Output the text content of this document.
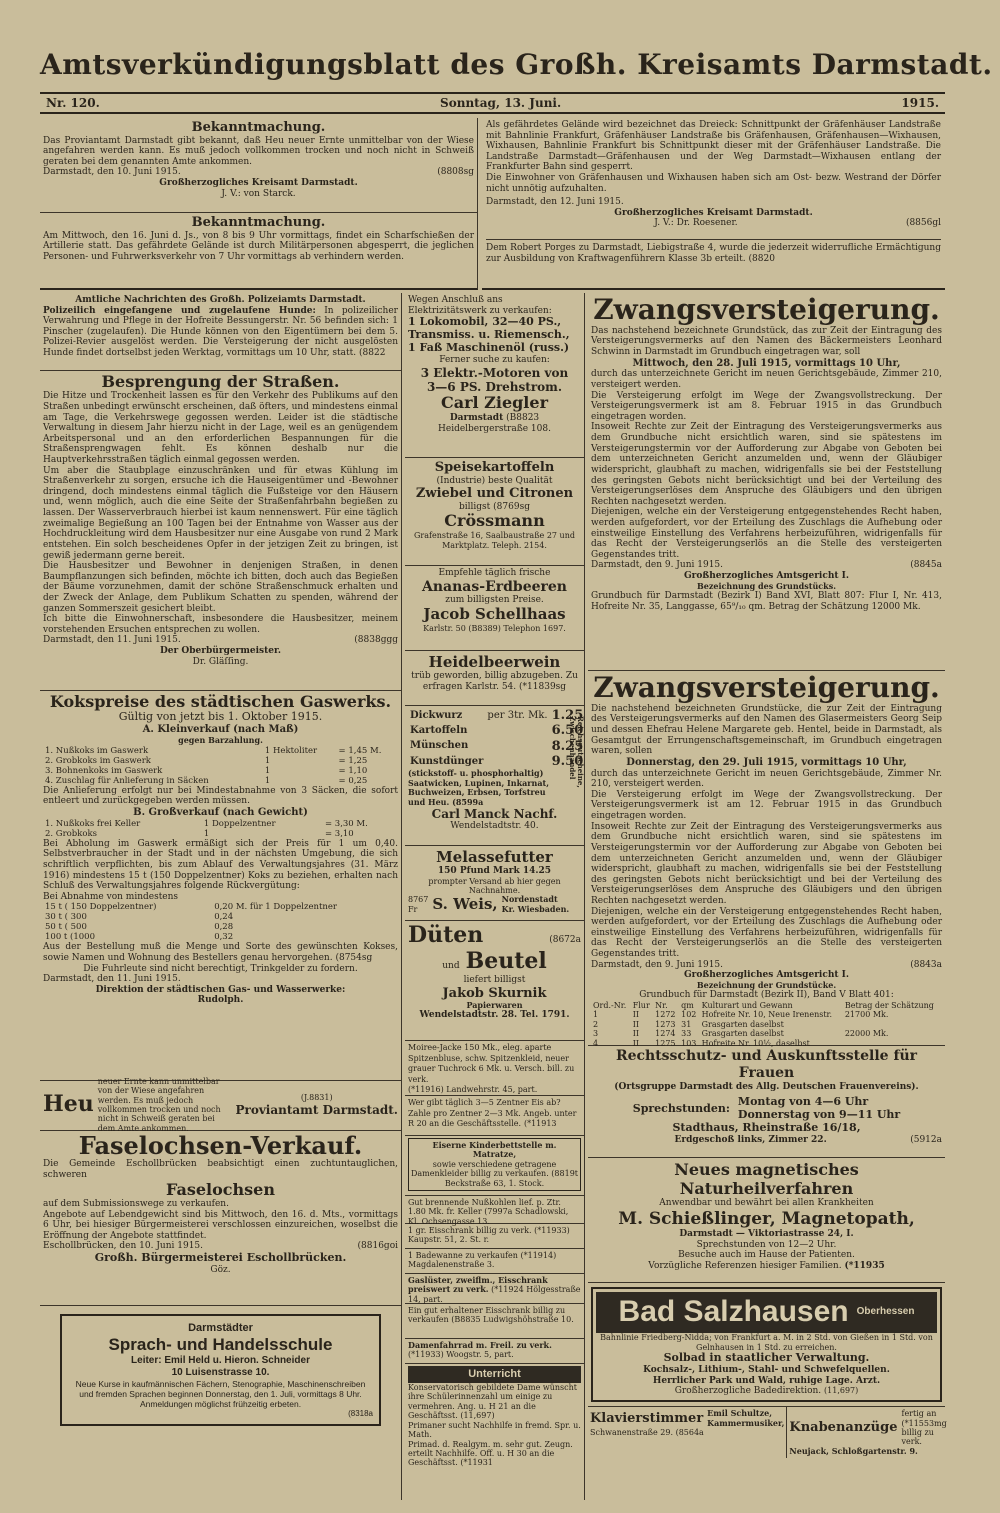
Amtsverkündigungsblatt des Großh. Kreisamts Darmstadt.
Nr. 120.	Sonntag, 13. Juni.	1915.
Bekanntmachung.
Das Proviantamt Darmstadt gibt bekannt, daß Heu neuer Ernte unmittelbar von der Wiese angefahren werden kann. Es muß jedoch vollkommen trocken und noch nicht in Schweiß geraten bei dem genannten Amte ankommen.
Darmstadt, den 10. Juni 1915.	(8808sg
Großherzogliches Kreisamt Darmstadt.
J. V.: von Starck.
Bekanntmachung.
Am Mittwoch, den 16. Juni d. Js., von 8 bis 9 Uhr vormittags, findet ein Scharfschießen der Artillerie statt. Das gefährdete Gelände ist durch Militärpersonen abgesperrt, die jeglichen Personen- und Fuhrwerksverkehr von 7 Uhr vormittags ab verhindern werden.
Als gefährdetes Gelände wird bezeichnet das Dreieck: Schnittpunkt der Gräfenhäuser Landstraße mit Bahnlinie Frankfurt, Gräfenhäuser Landstraße bis Gräfenhausen, Gräfenhausen—Wixhausen, Wixhausen, Bahnlinie Frankfurt bis Schnittpunkt dieser mit der Gräfenhäuser Landstraße. Die Landstraße Darmstadt—Gräfenhausen und der Weg Darmstadt—Wixhausen entlang der Frankfurter Bahn sind gesperrt.
Die Einwohner von Gräfenhausen und Wixhausen haben sich am Ost- bezw. Westrand der Dörfer nicht unnötig aufzuhalten.
Darmstadt, den 12. Juni 1915.
Großherzogliches Kreisamt Darmstadt.
J. V.: Dr. Roesener.	(8856gl
Dem Robert Porges zu Darmstadt, Liebigstraße 4, wurde die jederzeit widerrufliche Ermächtigung zur Ausbildung von Kraftwagenführern Klasse 3b erteilt. (8820
Amtliche Nachrichten des Großh. Polizeiamts Darmstadt.
Polizeilich eingefangene und zugelaufene Hunde: In polizeilicher Verwahrung und Pflege in der Hofreite Bessungerstr. Nr. 56 befinden sich: 1 Pinscher (zugelaufen). Die Hunde können von den Eigentümern bei dem 5. Polizei-Revier ausgelöst werden. Die Versteigerung der nicht ausgelösten Hunde findet dortselbst jeden Werktag, vormittags um 10 Uhr, statt. (8822
Besprengung der Straßen.
Die Hitze und Trockenheit lassen es für den Verkehr des Publikums auf den Straßen unbedingt erwünscht erscheinen, daß öfters, und mindestens einmal am Tage, die Verkehrswege gegossen werden. Leider ist die städtische Verwaltung in diesem Jahr hierzu nicht in der Lage, weil es an genügendem Arbeitspersonal und an den erforderlichen Bespannungen für die Straßensprengwagen fehlt. Es können deshalb nur die Hauptverkehrsstraßen täglich einmal gegossen werden.
Um aber die Staubplage einzuschränken und für etwas Kühlung im Straßenverkehr zu sorgen, ersuche ich die Hauseigentümer und -Bewohner dringend, doch mindestens einmal täglich die Fußsteige vor den Häusern und, wenn möglich, auch die eine Seite der Straßenfahrbahn begießen zu lassen. Der Wasserverbrauch hierbei ist kaum nennenswert. Für eine täglich zweimalige Begießung an 100 Tagen bei der Entnahme von Wasser aus der Hochdruckleitung wird dem Hausbesitzer nur eine Ausgabe von rund 2 Mark entstehen. Ein solch bescheidenes Opfer in der jetzigen Zeit zu bringen, ist gewiß jedermann gerne bereit.
Die Hausbesitzer und Bewohner in denjenigen Straßen, in denen Baumpflanzungen sich befinden, möchte ich bitten, doch auch das Begießen der Bäume vorzunehmen, damit der schöne Straßenschmuck erhalten und der Zweck der Anlage, dem Publikum Schatten zu spenden, während der ganzen Sommerszeit gesichert bleibt.
Ich bitte die Einwohnerschaft, insbesondere die Hausbesitzer, meinem vorstehenden Ersuchen entsprechen zu wollen.
Darmstadt, den 11. Juni 1915.	(8838ggg
Der Oberbürgermeister.
Dr. Gläſſing.
Kokspreise des städtischen Gaswerks.
Gültig von jetzt bis 1. Oktober 1915.
A. Kleinverkauf (nach Maß)
gegen Barzahlung.
1. Nußkoks im Gaswerk	1 Hektoliter	= 1,45 M.
2. Grobkoks im Gaswerk	1	= 1,25
3. Bohnenkoks im Gaswerk	1	= 1,10
4. Zuschlag für Anlieferung in Säcken	1	= 0,25
Die Anlieferung erfolgt nur bei Mindestabnahme von 3 Säcken, die sofort entleert und zurückgegeben werden müssen.
B. Großverkauf (nach Gewicht)
1. Nußkoks frei Keller	1 Doppelzentner	= 3,30 M.
2. Grobkoks	1	= 3,10
Bei Abholung im Gaswerk ermäßigt sich der Preis für 1 um 0,40. Selbstverbraucher in der Stadt und in der nächsten Umgebung, die sich schriftlich verpflichten, bis zum Ablauf des Verwaltungsjahres (31. März 1916) mindestens 15 t (150 Doppelzentner) Koks zu beziehen, erhalten nach Schluß des Verwaltungsjahres folgende Rückvergütung:
Bei Abnahme von mindestens
15 t ( 150 Doppelzentner)	0,20 M. für 1 Doppelzentner
30 t ( 300	0,24
50 t ( 500	0,28
100 t (1000	0,32
Aus der Bestellung muß die Menge und Sorte des gewünschten Kokses, sowie Namen und Wohnung des Bestellers genau hervorgehen. (8754sg
Die Fuhrleute sind nicht berechtigt, Trinkgelder zu fordern.
Darmstadt, den 11. Juni 1915.
Direktion der städtischen Gas- und Wasserwerke:
Rudolph.
Heu
neuer Ernte kann unmittelbar von der Wiese angefahren werden. Es muß jedoch vollkommen trocken und noch nicht in Schweiß geraten bei dem Amte ankommen.
(J.8831)
Proviantamt Darmstadt.
Faselochsen-Verkauf.
Die Gemeinde Eschollbrücken beabsichtigt einen zuchtuntauglichen, schweren
Faselochsen
auf dem Submissionswege zu verkaufen.
Angebote auf Lebendgewicht sind bis Mittwoch, den 16. d. Mts., vormittags 6 Uhr, bei hiesiger Bürgermeisterei verschlossen einzureichen, woselbst die Eröffnung der Angebote stattfindet.
Eschollbrücken, den 10. Juni 1915.	(8816goi
Großh. Bürgermeisterei Eschollbrücken.
Göz.
Darmstädter
Sprach- und Handelsschule
Leiter: Emil Held u. Hieron. Schneider
10 Luisenstrasse 10.
Neue Kurse in kaufmännischen Fächern, Stenographie, Maschinenschreiben und fremden Sprachen beginnen Donnerstag, den 1. Juli, vormittags 8 Uhr. Anmeldungen möglichst frühzeitig erbeten.
(8318a
Wegen Anschluß ans Elektrizitätswerk zu verkaufen:
1 Lokomobil, 32—40 PS.,
Transmiss. u. Riemensch.,
1 Faß Maschinenöl (russ.)
Ferner suche zu kaufen:
3 Elektr.-Motoren von
3—6 PS. Drehstrom.
Carl Ziegler
Darmstadt (B8823
Heidelbergerstraße 108.
Speisekartoffeln
(Industrie) beste Qualität
Zwiebel und Citronen
billigst (8769sg
Crössmann
Grafenstraße 16, Saalbaustraße 27 und Marktplatz. Teleph. 2154.
Empfehle täglich frische
Ananas-Erdbeeren
zum billigsten Preise.
Jacob Schellhaas
Karlstr. 50 (B8389) Telephon 1697.
Heidelbeerwein
trüb geworden, billig abzugeben. Zu erfragen Karlstr. 54. (*11839sg
Dickwurz	per 3tr. Mk.	1.25
Kartoffeln		6.50
Münschen		8.25
Kunstdünger		9.50
(stickstoff- u. phosphorhaltig)
Saatwicken, Lupinen, Inkarnat, Buchweizen, Erbsen, Torfstreu und Heu. (8599a
Carl Manck Nachf.
Wendelstadtstr. 40.
Reichsgutscheine, Zwischenhandel
Melassefutter
150 Pfund Mark 14.25
prompter Versand ab hier gegen Nachnahme.
8767
Fr S. Weis, Nordenstadt
Kr. Wiesbaden.
Düten	(8672a
und Beutel
liefert billigst
Jakob Skurnik
Papierwaren
Wendelstadtstr. 28. Tel. 1791.
Moiree-Jacke 150 Mk., eleg. aparte Spitzenbluse, schw. Spitzenkleid, neuer grauer Tuchrock 6 Mk. u. Versch. bill. zu verk.
(*11916) Landwehrstr. 45, part.
Wer gibt täglich 3—5 Zentner Eis ab? Zahle pro Zentner 2—3 Mk. Angeb. unter R 20 an die Geschäftsstelle. (*11913
Eiserne Kinderbettstelle m. Matratze,
sowie verschiedene getragene Damenkleider billig zu verkaufen. (8819t
Beckstraße 63, 1. Stock.
Gut brennende Nußkohlen lief. p. Ztr. 1.80 Mk. fr. Keller (7997a Schadlowski, Kl. Ochsengasse 13.
1 gr. Eisschrank billig zu verk. (*11933) Kaupstr. 51, 2. St. r.
1 Badewanne zu verkaufen (*11914) Magdalenenstraße 3.
Gaslüster, zweiflm., Eisschrank preiswert zu verk. (*11924 Hölgesstraße 14, part.
Ein gut erhaltener Eisschrank billig zu verkaufen (B8835 Ludwigshöhstraße 10.
Damenfahrrad m. Freil. zu verk. (*11933) Woogstr. 5, part.
Unterricht
Konservatorisch gebildete Dame wünscht ihre Schülerinnenzahl um einige zu vermehren. Ang. u. H 21 an die Geschäftsst. (11,697)
Primaner sucht Nachhilfe in fremd. Spr. u. Math.
Primad. d. Realgym. m. sehr gut. Zeugn. erteilt Nachhilfe. Off. u. H 30 an die Geschäftsst. (*11931
Zwangsversteigerung.
Das nachstehend bezeichnete Grundstück, das zur Zeit der Eintragung des Versteigerungsvermerks auf den Namen des Bäckermeisters Leonhard Schwinn in Darmstadt im Grundbuch eingetragen war, soll
Mittwoch, den 28. Juli 1915, vormittags 10 Uhr,
durch das unterzeichnete Gericht im neuen Gerichtsgebäude, Zimmer 210, versteigert werden.
Die Versteigerung erfolgt im Wege der Zwangsvollstreckung. Der Versteigerungsvermerk ist am 8. Februar 1915 in das Grundbuch eingetragen worden.
Insoweit Rechte zur Zeit der Eintragung des Versteigerungsvermerks aus dem Grundbuche nicht ersichtlich waren, sind sie spätestens im Versteigerungstermin vor der Aufforderung zur Abgabe von Geboten bei dem unterzeichneten Gericht anzumelden und, wenn der Gläubiger widerspricht, glaubhaft zu machen, widrigenfalls sie bei der Feststellung des geringsten Gebots nicht berücksichtigt und bei der Verteilung des Versteigerungserlöses dem Anspruche des Gläubigers und den übrigen Rechten nachgesetzt werden.
Diejenigen, welche ein der Versteigerung entgegenstehendes Recht haben, werden aufgefordert, vor der Erteilung des Zuschlags die Aufhebung oder einstweilige Einstellung des Verfahrens herbeizuführen, widrigenfalls für das Recht der Versteigerungserlös an die Stelle des versteigerten Gegenstandes tritt.
Darmstadt, den 9. Juni 1915.	(8845a
Großherzogliches Amtsgericht I.
Bezeichnung des Grundstücks.
Grundbuch für Darmstadt (Bezirk I) Band XVI, Blatt 807: Flur I, Nr. 413, Hofreite Nr. 35, Langgasse, 65⁹/₁₀ qm. Betrag der Schätzung 12000 Mk.
Zwangsversteigerung.
Die nachstehend bezeichneten Grundstücke, die zur Zeit der Eintragung des Versteigerungsvermerks auf den Namen des Glasermeisters Georg Seip und dessen Ehefrau Helene Margarete geb. Hentel, beide in Darmstadt, als Gesamtgut der Errungenschaftsgemeinschaft, im Grundbuch eingetragen waren, sollen
Donnerstag, den 29. Juli 1915, vormittags 10 Uhr,
durch das unterzeichnete Gericht im neuen Gerichtsgebäude, Zimmer Nr. 210, versteigert werden.
Die Versteigerung erfolgt im Wege der Zwangsvollstreckung. Der Versteigerungsvermerk ist am 12. Februar 1915 in das Grundbuch eingetragen worden.
Insoweit Rechte zur Zeit der Eintragung des Versteigerungsvermerks aus dem Grundbuche nicht ersichtlich waren, sind sie spätestens im Versteigerungstermin vor der Aufforderung zur Abgabe von Geboten bei dem unterzeichneten Gericht anzumelden und, wenn der Gläubiger widerspricht, glaubhaft zu machen, widrigenfalls sie bei der Feststellung des geringsten Gebots nicht berücksichtigt und bei der Verteilung des Versteigerungserlöses dem Anspruche des Gläubigers und den übrigen Rechten nachgesetzt werden.
Diejenigen, welche ein der Versteigerung entgegenstehendes Recht haben, werden aufgefordert, vor der Erteilung des Zuschlags die Aufhebung oder einstweilige Einstellung des Verfahrens herbeizuführen, widrigenfalls für das Recht der Versteigerungserlös an die Stelle des versteigerten Gegenstandes tritt.
Darmstadt, den 9. Juni 1915.	(8843a
Großherzogliches Amtsgericht I.
Bezeichnung der Grundstücke.
Grundbuch für Darmstadt (Bezirk II), Band V Blatt 401:
Ord.-Nr.	Flur	Nr.	qm	Kulturart und Gewann	Betrag der Schätzung
1	II	1272	102	Hofreite Nr. 10, Neue Irenenstr.	21700 Mk.
2	II	1273	31	Grasgarten daselbst	
3	II	1274	33	Grasgarten daselbst	22000 Mk.
4	II	1275	103	Hofreite Nr. 10½, daselbst	
Rechtsschutz- und Auskunftsstelle für Frauen
(Ortsgruppe Darmstadt des Allg. Deutschen Frauenvereins).
Sprechstunden: Montag von 4—6 Uhr
Donnerstag von 9—11 Uhr
Stadthaus, Rheinstraße 16/18,
Erdgeschoß links, Zimmer 22.	(5912a
Neues magnetisches Naturheilverfahren
Anwendbar und bewährt bei allen Krankheiten
M. Schießlinger, Magnetopath,
Darmstadt — Viktoriastrasse 24, I.
Sprechstunden von 12—2 Uhr.
Besuche auch im Hause der Patienten.
Vorzügliche Referenzen hiesiger Familien. (*11935
Bad Salzhausen Oberhessen
Bahnlinie Friedberg-Nidda; von Frankfurt a. M. in 2 Std. von Gießen in 1 Std. von Gelnhausen in 1 Std. zu erreichen.
Solbad in staatlicher Verwaltung.
Kochsalz-, Lithium-, Stahl- und Schwefelquellen.
Herrlicher Park und Wald, ruhige Lage. Arzt.
Großherzogliche Badedirektion. (11,697)
Klavierstimmer Emil Schultze,
Kammermusiker,
Schwanenstraße 29. (8564a	Knabenanzüge
fertig an (*11553mg billig zu verk.
Neujack, Schloßgartenstr. 9.
